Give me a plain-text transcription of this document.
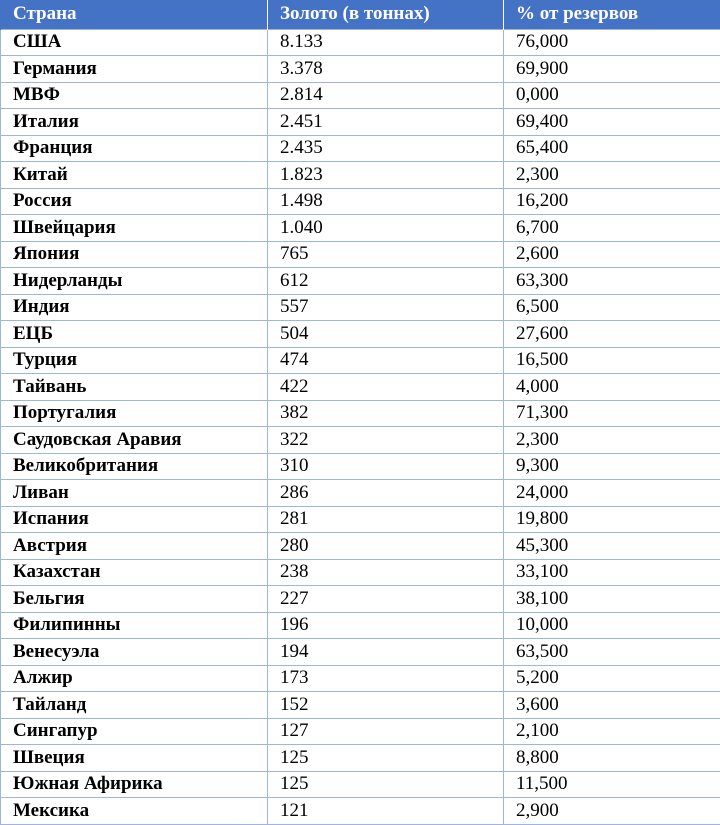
Страна	Золото (в тоннах)	% от резервов
США	8.133	76,000
Германия	3.378	69,900
МВФ	2.814	0,000
Италия	2.451	69,400
Франция	2.435	65,400
Китай	1.823	2,300
Россия	1.498	16,200
Швейцария	1.040	6,700
Япония	765	2,600
Нидерланды	612	63,300
Индия	557	6,500
ЕЦБ	504	27,600
Турция	474	16,500
Тайвань	422	4,000
Португалия	382	71,300
Саудовская Аравия	322	2,300
Великобритания	310	9,300
Ливан	286	24,000
Испания	281	19,800
Австрия	280	45,300
Казахстан	238	33,100
Бельгия	227	38,100
Филипинны	196	10,000
Венесуэла	194	63,500
Алжир	173	5,200
Тайланд	152	3,600
Сингапур	127	2,100
Швеция	125	8,800
Южная Афирика	125	11,500
Мексика	121	2,900
